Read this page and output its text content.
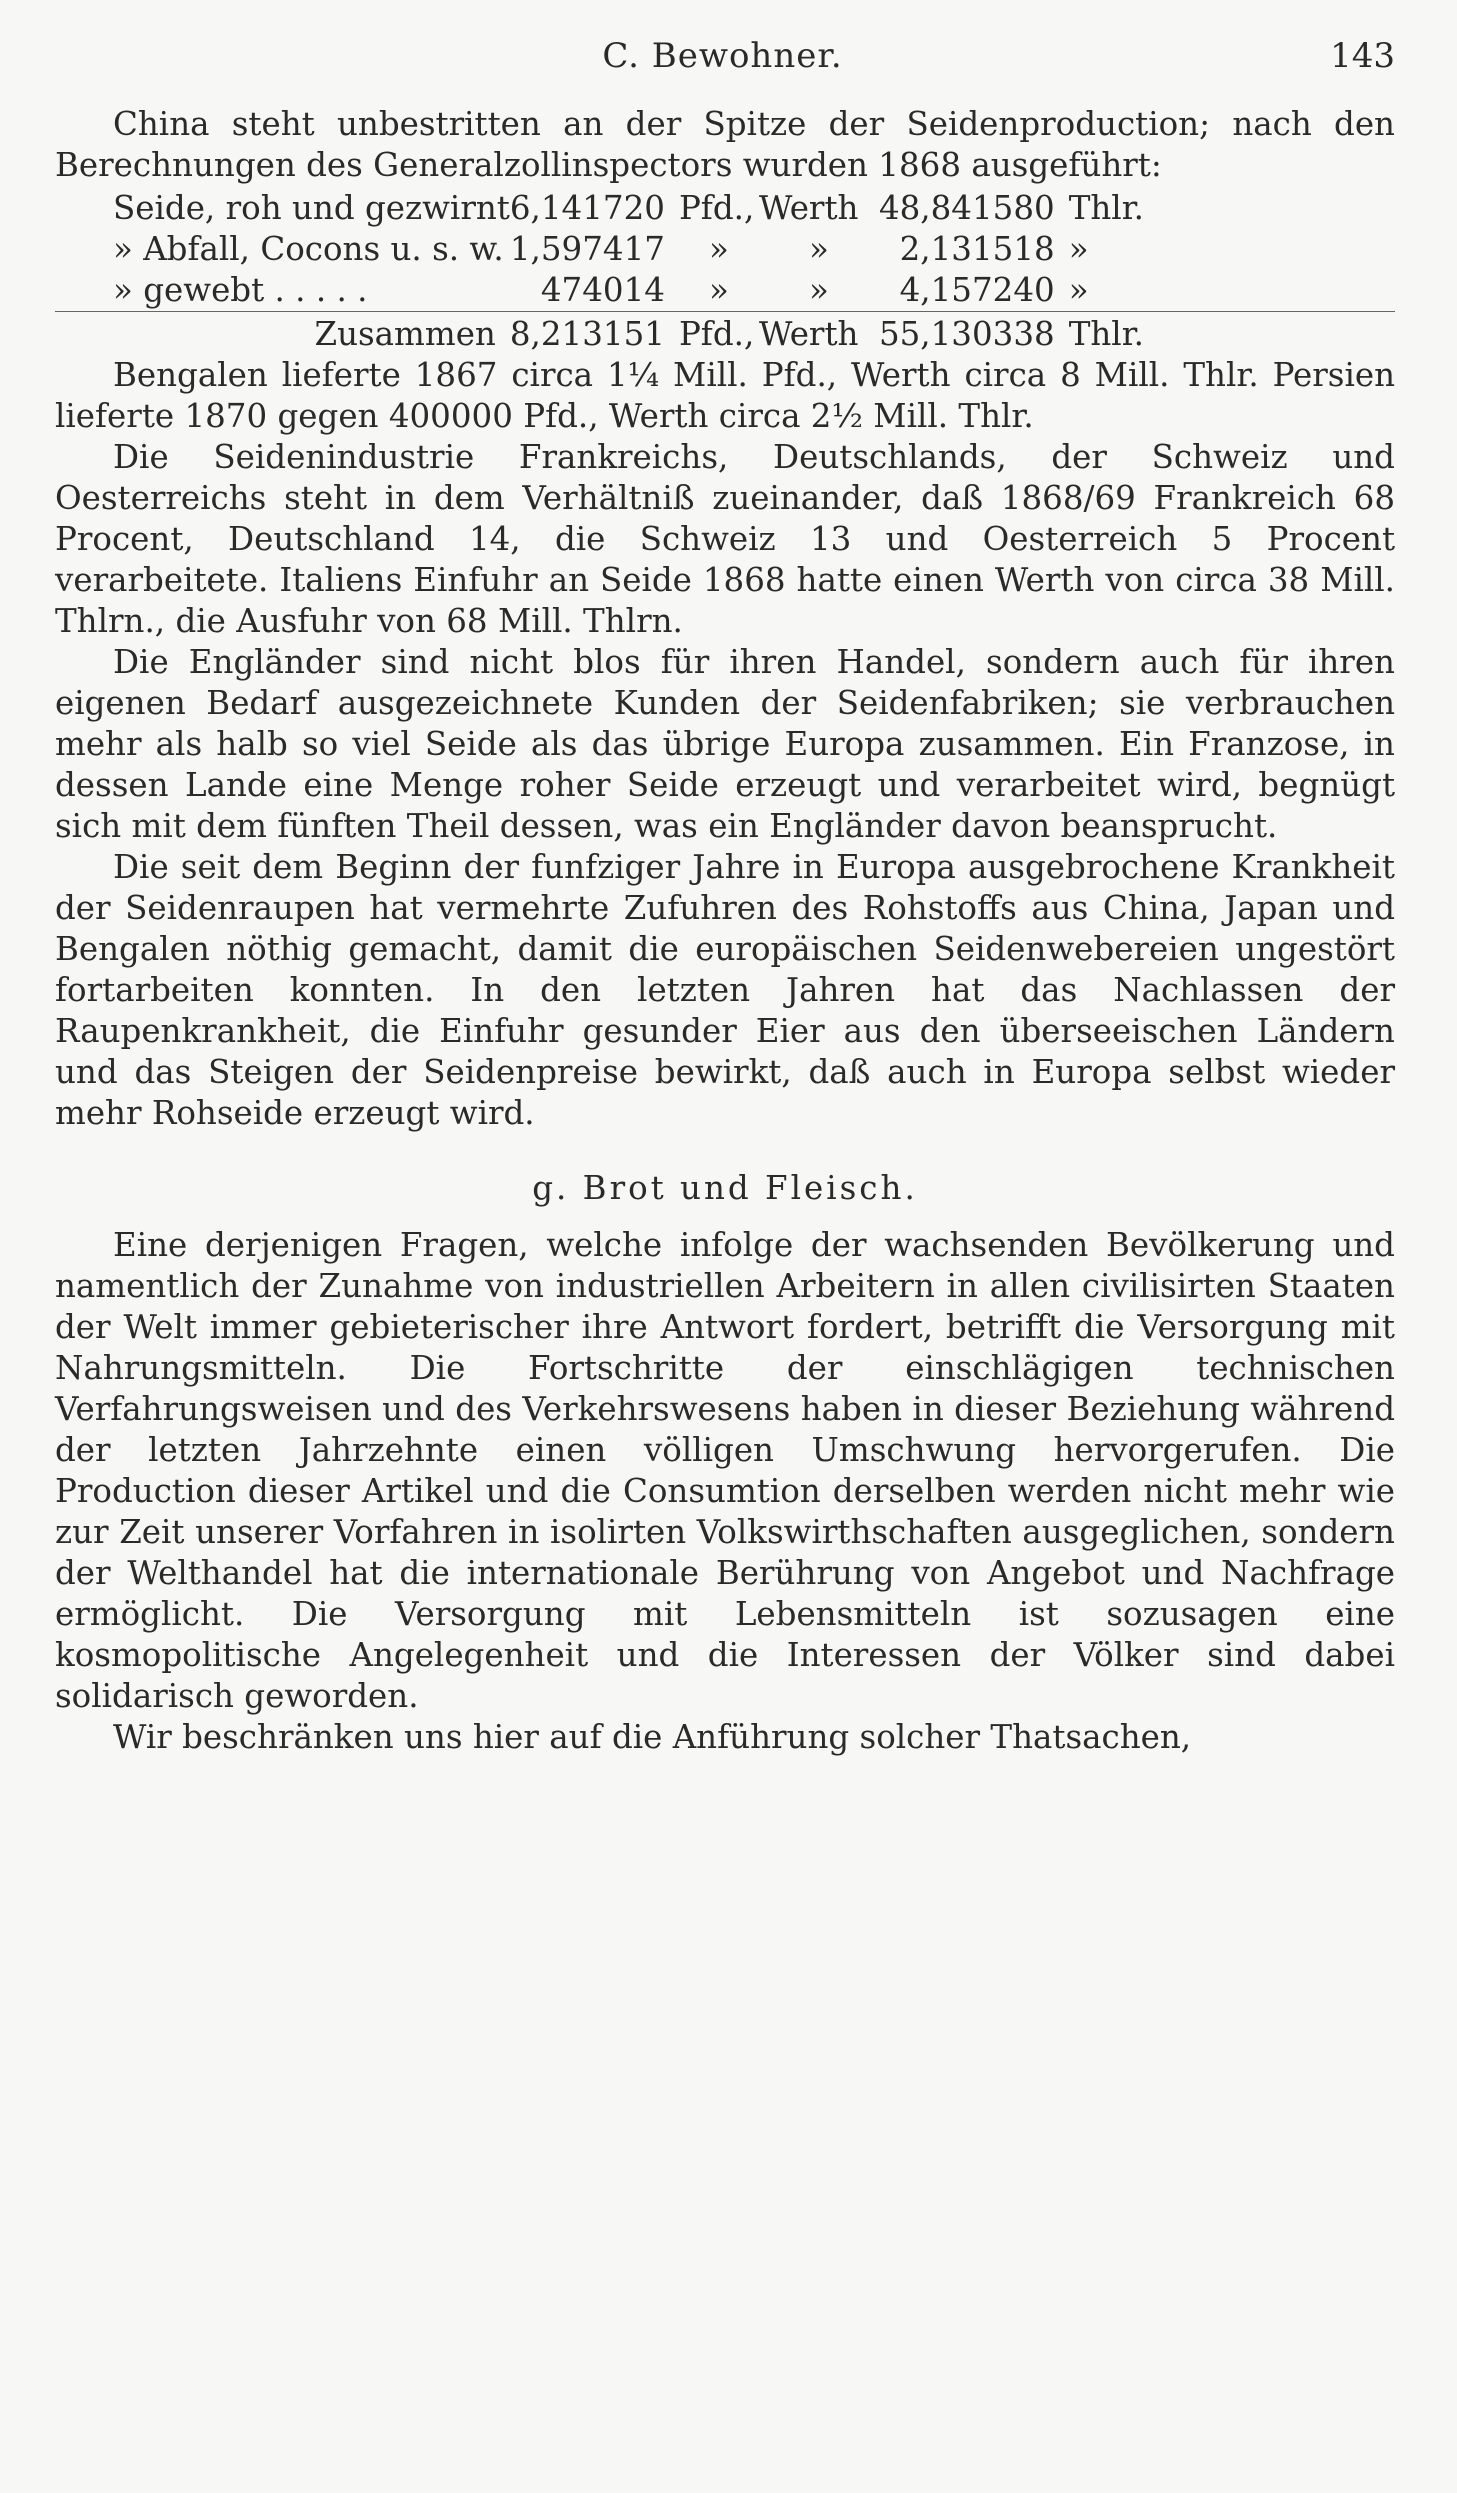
C. Bewohner.	143

China steht unbestritten an der Spitze der Seidenproduction; nach den Berechnungen des Generalzollinspectors wurden 1868 ausgeführt:

Seide, roh und gezwirnt	6,141720	Pfd.,	Werth	48,841580	Thlr.
» Abfall, Cocons u. s. w.	1,597417	»	»	2,131518	»
» gewebt . . . . .	474014	»	»	4,157240	»
Zusammen	8,213151	Pfd.,	Werth	55,130338	Thlr.

Bengalen lieferte 1867 circa 1¼ Mill. Pfd., Werth circa 8 Mill. Thlr. Persien lieferte 1870 gegen 400000 Pfd., Werth circa 2½ Mill. Thlr.

Die Seidenindustrie Frankreichs, Deutschlands, der Schweiz und Oesterreichs steht in dem Verhältniß zueinander, daß 1868/69 Frankreich 68 Procent, Deutschland 14, die Schweiz 13 und Oesterreich 5 Procent verarbeitete. Italiens Einfuhr an Seide 1868 hatte einen Werth von circa 38 Mill. Thlrn., die Ausfuhr von 68 Mill. Thlrn.

Die Engländer sind nicht blos für ihren Handel, sondern auch für ihren eigenen Bedarf ausgezeichnete Kunden der Seidenfabriken; sie verbrauchen mehr als halb so viel Seide als das übrige Europa zusammen. Ein Franzose, in dessen Lande eine Menge roher Seide erzeugt und verarbeitet wird, begnügt sich mit dem fünften Theil dessen, was ein Engländer davon beansprucht.

Die seit dem Beginn der funfziger Jahre in Europa ausgebrochene Krankheit der Seidenraupen hat vermehrte Zufuhren des Rohstoffs aus China, Japan und Bengalen nöthig gemacht, damit die europäischen Seidenwebereien ungestört fortarbeiten konnten. In den letzten Jahren hat das Nachlassen der Raupenkrankheit, die Einfuhr gesunder Eier aus den überseeischen Ländern und das Steigen der Seidenpreise bewirkt, daß auch in Europa selbst wieder mehr Rohseide erzeugt wird.

g. Brot und Fleisch.

Eine derjenigen Fragen, welche infolge der wachsenden Bevölkerung und namentlich der Zunahme von industriellen Arbeitern in allen civilisirten Staaten der Welt immer gebieterischer ihre Antwort fordert, betrifft die Versorgung mit Nahrungsmitteln. Die Fortschritte der einschlägigen technischen Verfahrungsweisen und des Verkehrswesens haben in dieser Beziehung während der letzten Jahrzehnte einen völligen Umschwung hervorgerufen. Die Production dieser Artikel und die Consumtion derselben werden nicht mehr wie zur Zeit unserer Vorfahren in isolirten Volkswirthschaften ausgeglichen, sondern der Welthandel hat die internationale Berührung von Angebot und Nachfrage ermöglicht. Die Versorgung mit Lebensmitteln ist sozusagen eine kosmopolitische Angelegenheit und die Interessen der Völker sind dabei solidarisch geworden.

Wir beschränken uns hier auf die Anführung solcher Thatsachen,
